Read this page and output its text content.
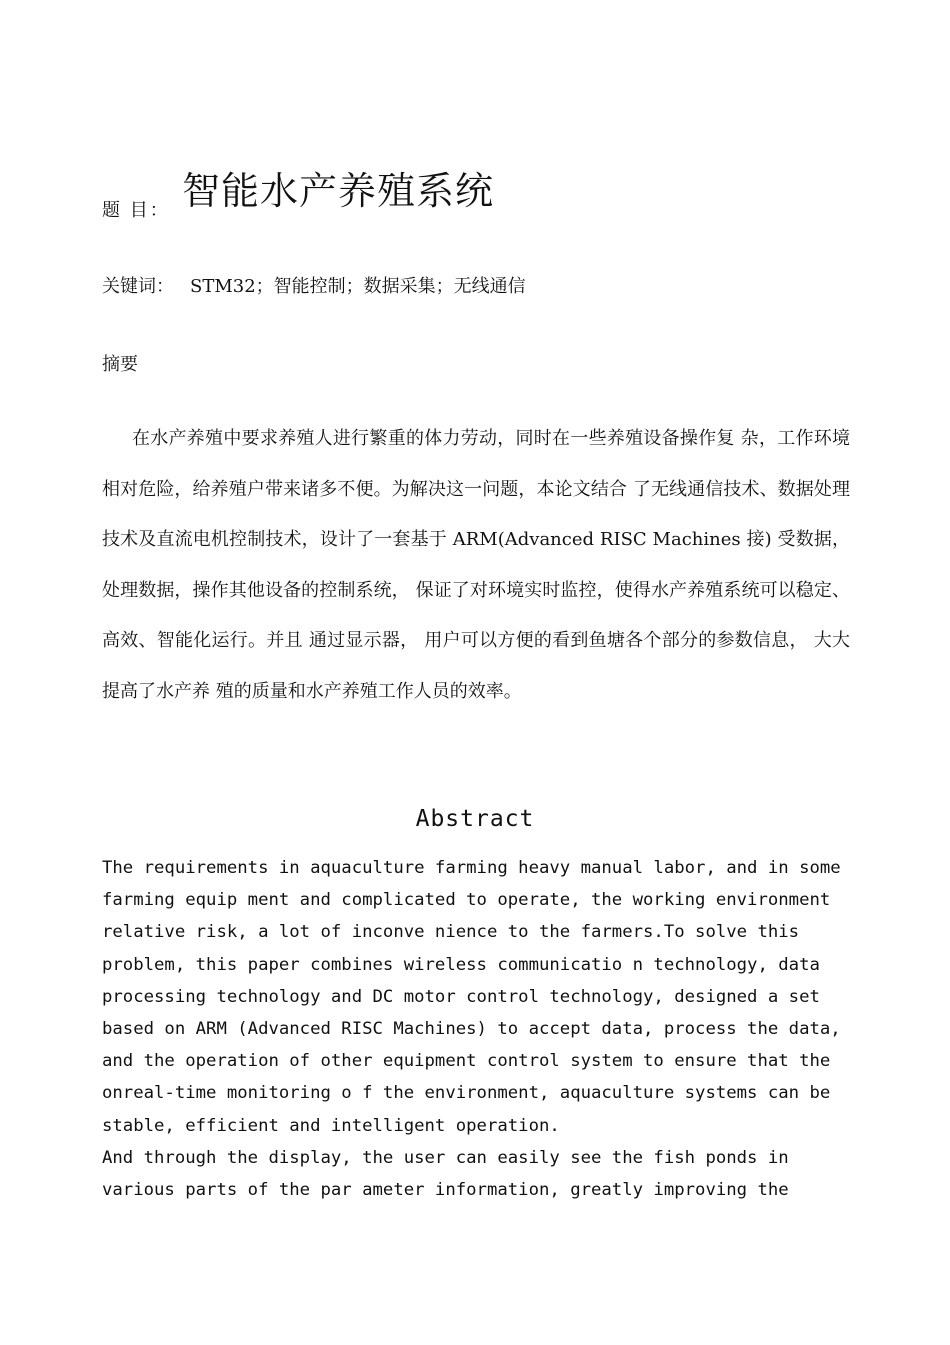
题 目： 智能水产养殖系统
关键词： STM32；智能控制；数据采集；无线通信
摘要

在水产养殖中要求养殖人进行繁重的体力劳动，同时在一些养殖设备操作复 杂，工作环境相对危险，给养殖户带来诸多不便。为解决这一问题，本论文结合 了无线通信技术、数据处理技术及直流电机控制技术，设计了一套基于 ARM(Advanced RISC Machines 接) 受数据，处理数据，操作其他设备的控制系统， 保证了对环境实时监控，使得水产养殖系统可以稳定、高效、智能化运行。并且 通过显示器， 用户可以方便的看到鱼塘各个部分的参数信息， 大大提高了水产养 殖的质量和水产养殖工作人员的效率。

Abstract

The requirements in aquaculture farming heavy manual labor, and in some farming equip ment and complicated to operate, the working environment relative risk, a lot of inconve nience to the farmers.To solve this problem, this paper combines wireless communicatio n technology, data processing technology and DC motor control technology, designed a set based on ARM (Advanced RISC Machines) to accept data, process the data, and the operation of other equipment control system to ensure that the onreal-time monitoring o f the environment, aquaculture systems can be stable, efficient and intelligent operation.

And through the display, the user can easily see the fish ponds in various parts of the par ameter information, greatly improving the
